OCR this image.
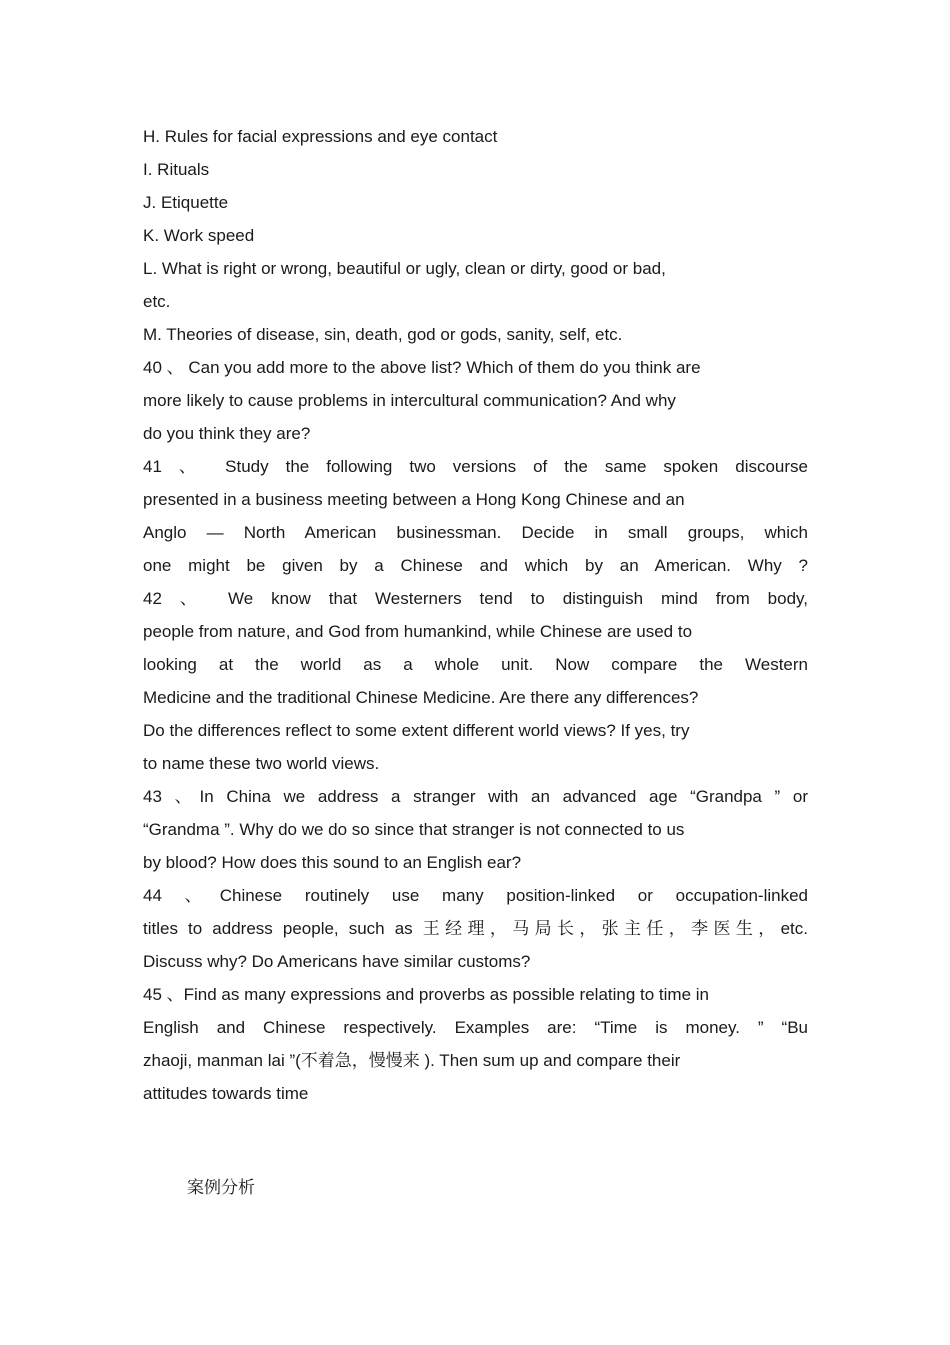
H. Rules for facial expressions and eye contact
I. Rituals
J. Etiquette
K. Work speed
L. What is right or wrong, beautiful or ugly, clean or dirty, good or bad,
etc.
M. Theories of disease, sin, death, god or gods, sanity, self, etc.
40 、 Can you add more to the above list? Which of them do you think are
more likely to cause problems in intercultural communication? And why
do you think they are?
41 、 Study the following two versions of the same spoken discourse
presented in a business meeting between a Hong Kong Chinese and an
Anglo — North American businessman. Decide in small groups, which
one might be given by a Chinese and which by an American. Why ?
42 、 We know that Westerners tend to distinguish mind from body,
people from nature, and God from humankind, while Chinese are used to
looking at the world as a whole unit. Now compare the Western
Medicine and the traditional Chinese Medicine. Are there any differences?
Do the differences reflect to some extent different world views? If yes, try
to name these two world views.
43 、In China we address a stranger with an advanced age “Grandpa ” or
“Grandma ”. Why do we do so since that stranger is not connected to us
by blood? How does this sound to an English ear?
44 、Chinese routinely use many position-linked or occupation-linked
titles to address people, such as 王经理，马局长，张主任，李医生，etc.
Discuss why? Do Americans have similar customs?
45 、Find as many expressions and proverbs as possible relating to time in
English and Chinese respectively. Examples are: “Time is money. ” “Bu
zhaoji, manman lai ”(不着急，慢慢来 ). Then sum up and compare their
attitudes towards time
案例分析
